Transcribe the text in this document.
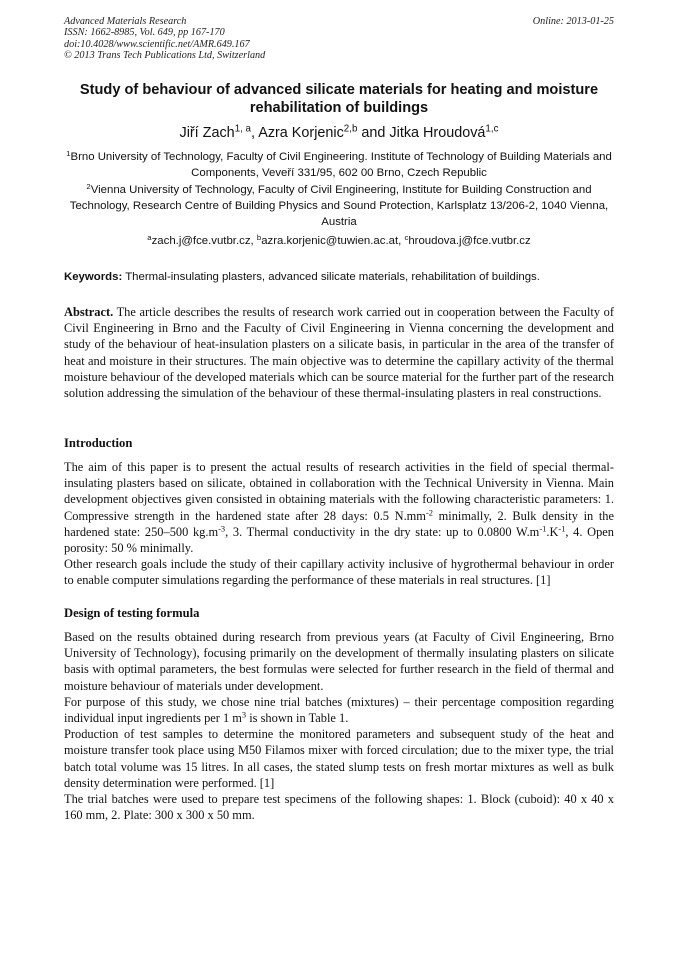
Advanced Materials Research
ISSN: 1662-8985, Vol. 649, pp 167-170
doi:10.4028/www.scientific.net/AMR.649.167
© 2013 Trans Tech Publications Ltd, Switzerland
Online: 2013-01-25
Study of behaviour of advanced silicate materials for heating and moisture rehabilitation of buildings
Jiří Zach$^{1, a}$, Azra Korjenic$^{2,b}$ and Jitka Hroudová$^{1,c}$
$^1$Brno University of Technology, Faculty of Civil Engineering. Institute of Technology of Building Materials and Components, Veveří 331/95, 602 00 Brno, Czech Republic
$^2$Vienna University of Technology, Faculty of Civil Engineering, Institute for Building Construction and Technology, Research Centre of Building Physics and Sound Protection, Karlsplatz 13/206-2, 1040 Vienna, Austria
$^a$zach.j@fce.vutbr.cz, $^b$azra.korjenic@tuwien.ac.at, $^c$hroudova.j@fce.vutbr.cz
Keywords: Thermal-insulating plasters, advanced silicate materials, rehabilitation of buildings.

Abstract. The article describes the results of research work carried out in cooperation between the Faculty of Civil Engineering in Brno and the Faculty of Civil Engineering in Vienna concerning the development and study of the behaviour of heat-insulation plasters on a silicate basis, in particular in the area of the transfer of heat and moisture in their structures. The main objective was to determine the capillary activity of the thermal moisture behaviour of the developed materials which can be source material for the further part of the research solution addressing the simulation of the behaviour of these thermal-insulating plasters in real constructions.

Introduction

The aim of this paper is to present the actual results of research activities in the field of special thermal-insulating plasters based on silicate, obtained in collaboration with the Technical University in Vienna. Main development objectives given consisted in obtaining materials with the following characteristic parameters: 1. Compressive strength in the hardened state after 28 days: 0.5 $N.mm^{-2}$ minimally, 2. Bulk density in the hardened state: 250–500 $kg.m^{-3}$, 3. Thermal conductivity in the dry state: up to 0.0800 $W.m^{-1}.K^{-1}$, 4. Open porosity: 50 % minimally.

Other research goals include the study of their capillary activity inclusive of hygrothermal behaviour in order to enable computer simulations regarding the performance of these materials in real structures. [1]

Design of testing formula

Based on the results obtained during research from previous years (at Faculty of Civil Engineering, Brno University of Technology), focusing primarily on the development of thermally insulating plasters on silicate basis with optimal parameters, the best formulas were selected for further research in the field of thermal and moisture behaviour of materials under development.

For purpose of this study, we chose nine trial batches (mixtures) – their percentage composition regarding individual input ingredients per 1 $m^3$ is shown in Table 1.

Production of test samples to determine the monitored parameters and subsequent study of the heat and moisture transfer took place using M50 Filamos mixer with forced circulation; due to the mixer type, the trial batch total volume was 15 litres. In all cases, the stated slump tests on fresh mortar mixtures as well as bulk density determination were performed. [1]

The trial batches were used to prepare test specimens of the following shapes: 1. Block (cuboid): 40 x 40 x 160 mm, 2. Plate: 300 x 300 x 50 mm.
